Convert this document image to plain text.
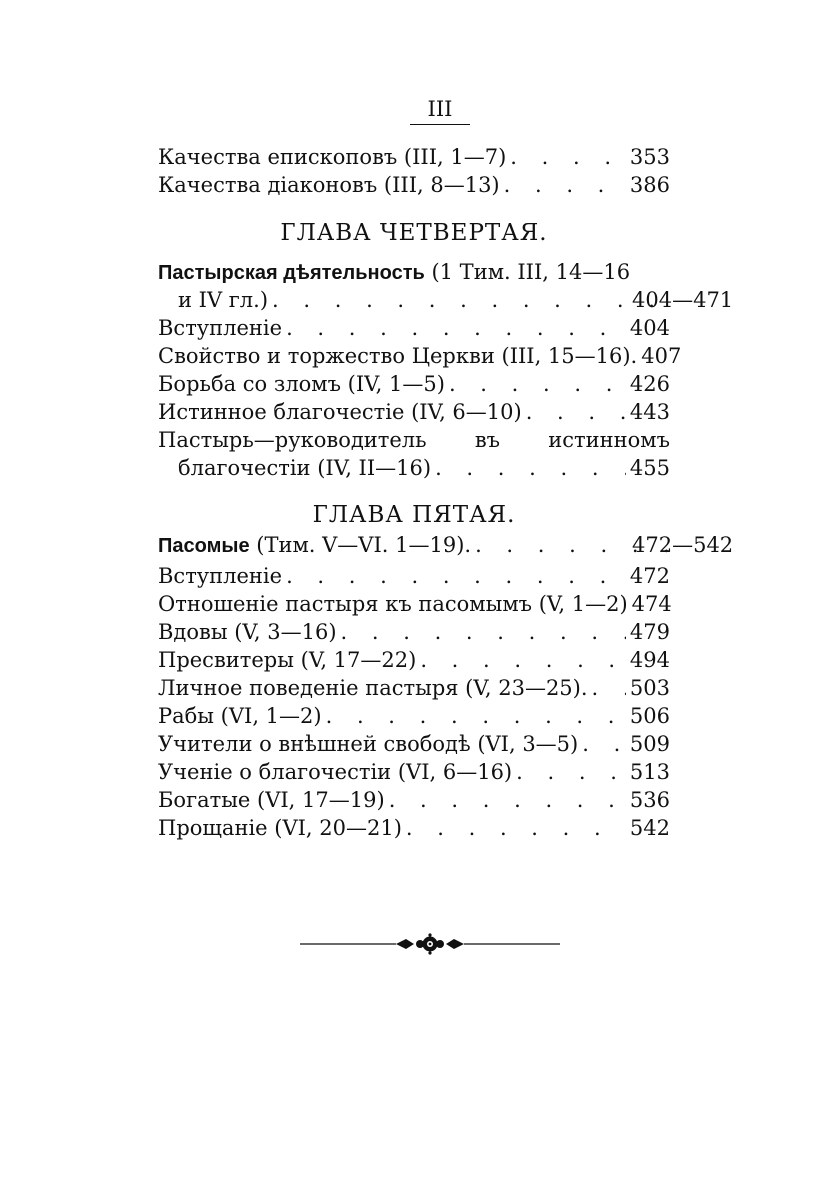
III
Качества епископовъ (III, 1—7) . . .	353
Качества діаконовъ (III, 8—13) . . .	386
ГЛАВА ЧЕТВЕРТАЯ.
Пастырская дѣятельность (1 Тим. III, 14—16
и IV гл.) . . .	404—471
Вступленіе . . .	404
Свойство и торжество Церкви (III, 15—16). 407
Борьба со зломъ (IV, 1—5) . . .	426
Истинное благочестіе (IV, 6—10) . . .	443
Пастырь—руководитель въ истинномъ
благочестіи (IV, II—16) . . .	455
ГЛАВА ПЯТАЯ.
Пасомые (Тим. V—VI. 1—19). . . .	472—542
Вступленіе . . .	472
Отношеніе пастыря къ пасомымъ (V, 1—2) 474
Вдовы (V, 3—16) . . .	479
Пресвитеры (V, 17—22) . . .	494
Личное поведеніе пастыря (V, 23—25). . . . 503
Рабы (VI, 1—2) . . .	506
Учители о внѣшней свободѣ (VI, 3—5) . . . 509
Ученіе о благочестіи (VI, 6—16) . . .	513
Богатые (VI, 17—19) . . .	536
Прощаніе (VI, 20—21) . . .	542
